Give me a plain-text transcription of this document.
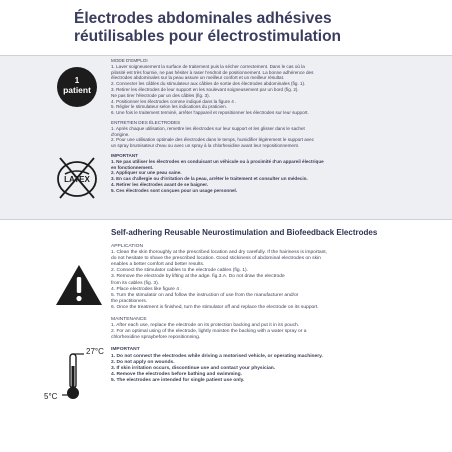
Électrodes abdominales adhésives
réutilisables pour électrostimulation
1
patient
LATEX

MODE D'EMPLOI

1. Laver soigneusement la surface de traitement puis la sécher correctement. Dans le cas où la

pilosité est très fournie, ne pas hésiter à raser l'endroit de positionnement. La bonne adhérence des

électrodes abdominales sur la peau assure un meilleur confort et un meilleur résultat.

2. Connecter les câbles du stimulateur aux câbles de sortie des électrodes abdominales (fig. 1).

3. Retirer les électrodes de leur support en les soulevant soigneusement par un bord (fig. 2).

Ne pas tirer l'électrode par un des câbles (fig. 3).

4. Positionner les électrodes comme indiqué dans la figure 4 .

5. Régler le stimulateur selon les indications du praticien.

6. Une fois le traitement terminé, arrêter l'appareil et repositionner les électrodes sur leur support.

ENTRETIEN DES ÉLECTRODES

1. Après chaque utilisation, remettre les électrodes sur leur support et les glisser dans le sachet

d'origine.

2. Pour une utilisation optimale des électrodes dans le temps, humidifier légèrement le support avec

un spray brumisateur d'eau ou avec un spray à la chlorhexidine avant leur repositionnement.

IMPORTANT

1. Ne pas utiliser les électrodes en conduisant un véhicule ou à proximité d'un appareil électrique

en fonctionnement.

2. Appliquer sur une peau saine.

3. En cas d'allergie ou d'irritation de la peau, arrêter le traitement et consulter un médecin.

4. Retirer les électrodes avant de se baigner.

5. Ces électrodes sont conçues pour un usage personnel.

Self-adhering Reusable Neurostimulation and Biofeedback Electrodes

APPLICATION

1. Clean the skin thoroughly at the prescribed location and dry carefully. If the hairiness is important,

do not hesitate to shave the prescribed location. Good stickiness of abdominal electrodes on skin

enables a better comfort and better results.

2. Connect the stimulator cables to the electrode cables (fig. 1).

3. Remove the electrode by lifting at the adge. fig.3.A. Do not draw the electrode

from its cables (fig. 3).

4. Place electrodes like figure 4 .

5. Turn the stimulator on and follow the instruction of use from the manufacturer and/or

the practitioners.

6. Once the treatment is finished, turn the stimulator off and replace the electrode on its support.

MAINTENANCE

1. After each use, replace the electrode on its protection backing and put it in its pouch.

2. For an optimal using of the electrode, lightly moisten the backing with a water spray or a

chlorhexidine spraybefore repositionning.

IMPORTANT

1. Do not connect the electrodes while driving a motorised vehicle, or operating machinery.

2. Do not apply on wounds.

3. If skin irritation occurs, discontinue use and contact your physician.

4. Remove the electrodes before bathing and swimming.

5. The electrodes are intended for single patient use only.

27°C
5°C
